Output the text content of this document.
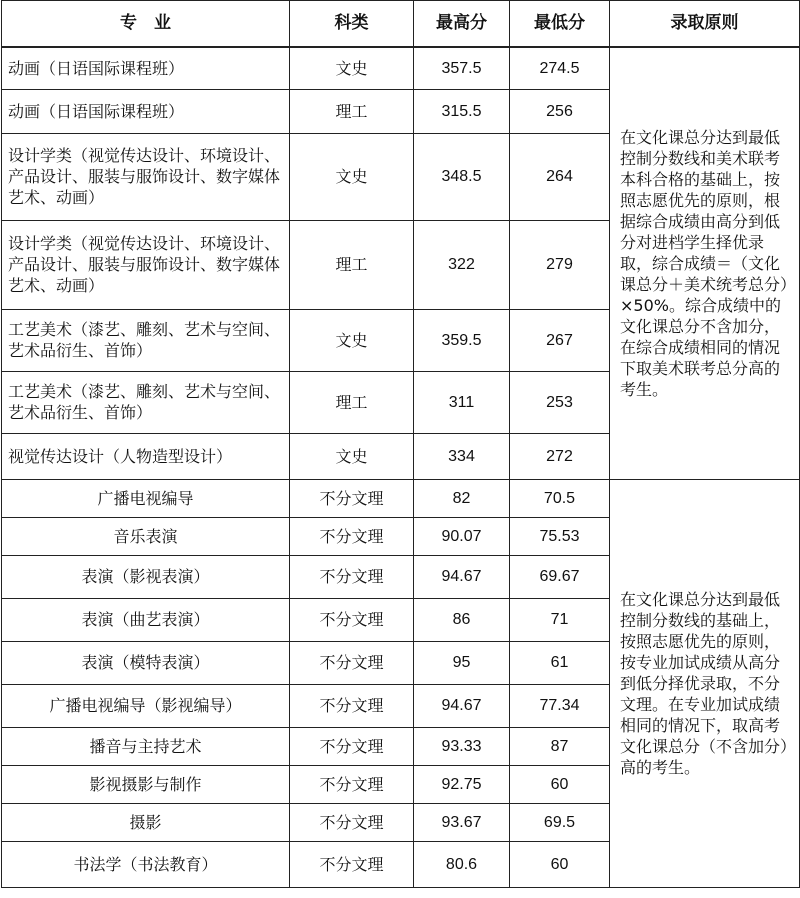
专　业	科类	最高分	最低分	录取原则
动画（日语国际课程班）	文史	357.5	274.5	在文化课总分达到最低控制分数线和美术联考本科合格的基础上，按照志愿优先的原则，根据综合成绩由高分到低分对进档学生择优录取，综合成绩＝（文化课总分＋美术统考总分）×50%。综合成绩中的文化课总分不含加分，在综合成绩相同的情况下取美术联考总分高的考生。
动画（日语国际课程班）	理工	315.5	256	
设计学类（视觉传达设计、环境设计、产品设计、服装与服饰设计、数字媒体艺术、动画）	文史	348.5	264	
设计学类（视觉传达设计、环境设计、产品设计、服装与服饰设计、数字媒体艺术、动画）	理工	322	279	
工艺美术（漆艺、雕刻、艺术与空间、艺术品衍生、首饰）	文史	359.5	267	
工艺美术（漆艺、雕刻、艺术与空间、艺术品衍生、首饰）	理工	311	253	
视觉传达设计（人物造型设计）	文史	334	272	
广播电视编导	不分文理	82	70.5	在文化课总分达到最低控制分数线的基础上，按照志愿优先的原则，按专业加试成绩从高分到低分择优录取，不分文理。在专业加试成绩相同的情况下，取高考文化课总分（不含加分）高的考生。
音乐表演	不分文理	90.07	75.53	
表演（影视表演）	不分文理	94.67	69.67	
表演（曲艺表演）	不分文理	86	71	
表演（模特表演）	不分文理	95	61	
广播电视编导（影视编导）	不分文理	94.67	77.34	
播音与主持艺术	不分文理	93.33	87	
影视摄影与制作	不分文理	92.75	60	
摄影	不分文理	93.67	69.5	
书法学（书法教育）	不分文理	80.6	60	
